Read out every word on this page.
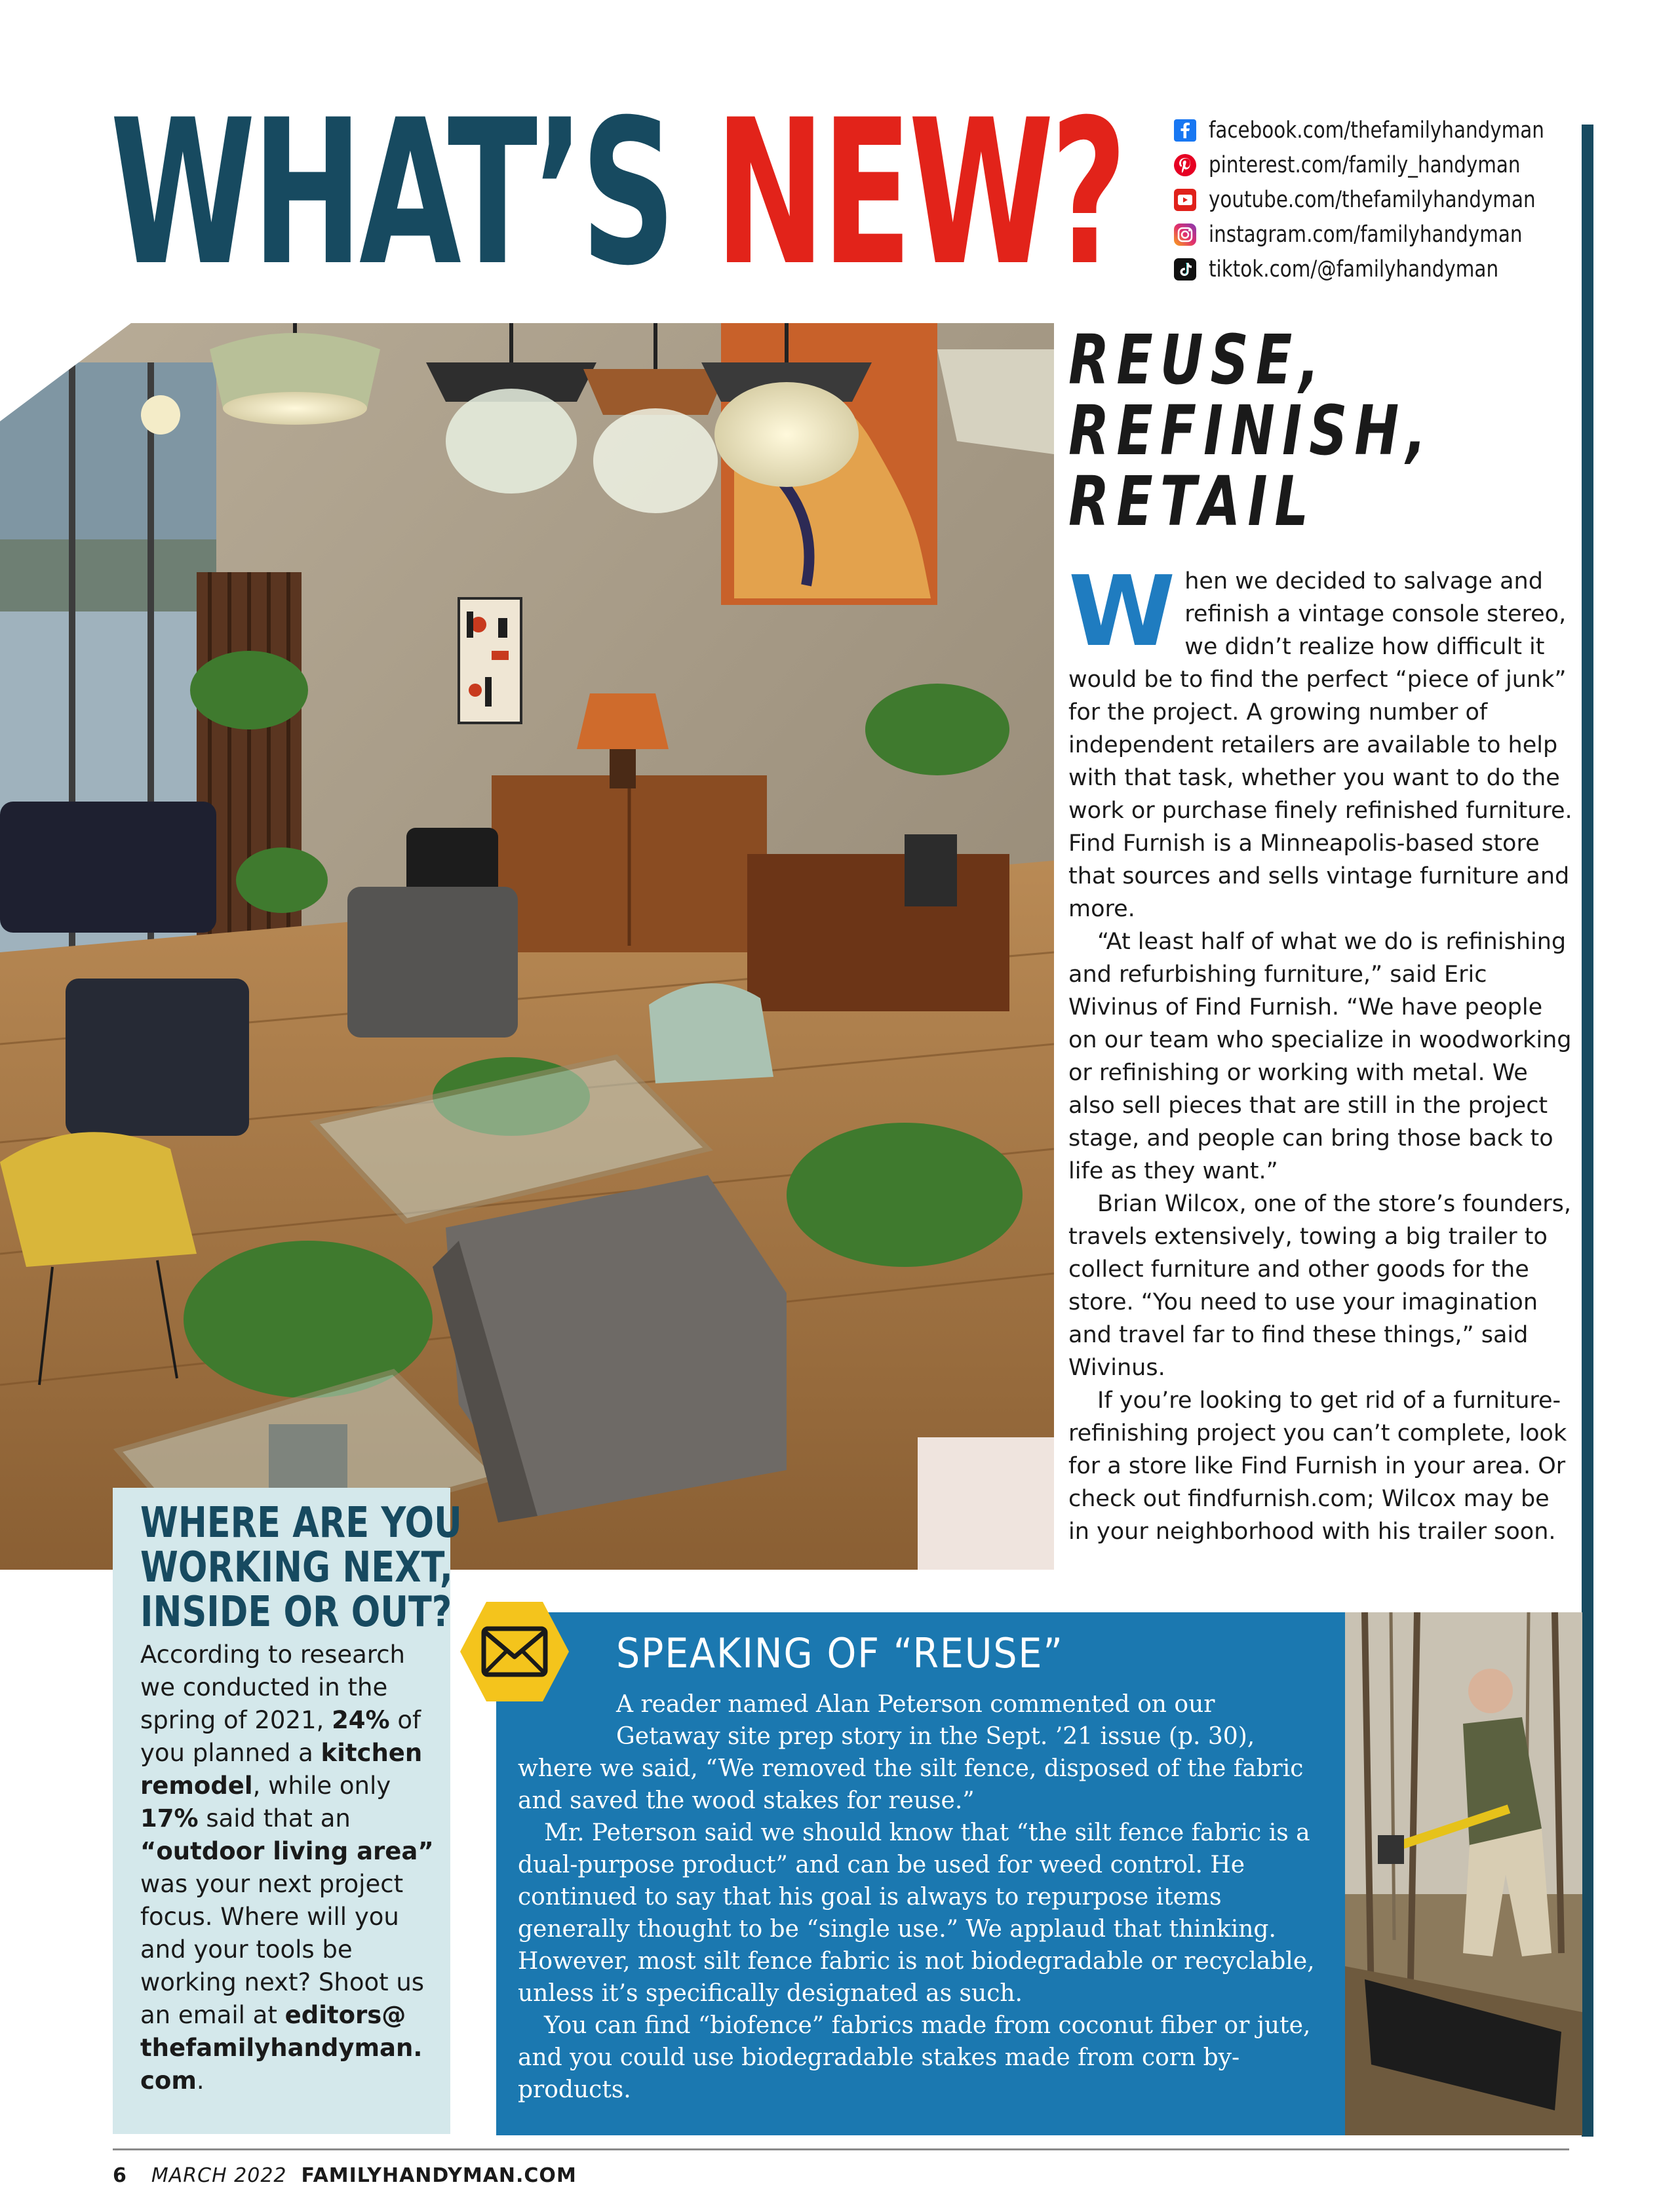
WHAT’S NEW?	facebook.com/thefamilyhandyman
pinterest.com/family_handyman
youtube.com/thefamilyhandyman
instagram.com/familyhandyman
tiktok.com/@familyhandyman
REUSE,
REFINISH,
RETAIL

When we decided to salvage and refinish a vintage console stereo, we didn’t realize how difficult it would be to find the perfect “piece of junk” for the project. A growing number of independent retailers are available to help with that task, whether you want to do the work or purchase finely refinished furniture. Find Furnish is a Minneapolis-based store that sources and sells vintage furniture and more.

“At least half of what we do is refinishing and refurbishing furniture,” said Eric Wivinus of Find Furnish. “We have people on our team who specialize in woodworking or refinishing or working with metal. We also sell pieces that are still in the project stage, and people can bring those back to life as they want.”

Brian Wilcox, one of the store’s founders, travels extensively, towing a big trailer to collect furniture and other goods for the store. “You need to use your imagination and travel far to find these things,” said Wivinus.

If you’re looking to get rid of a furniture-refinishing project you can’t complete, look for a store like Find Furnish in your area. Or check out findfurnish.com; Wilcox may be in your neighborhood with his trailer soon.

WHERE ARE YOU
WORKING NEXT,
INSIDE OR OUT?

According to research we conducted in the spring of 2021, 24% of you planned a kitchen remodel, while only 17% said that an “outdoor living area” was your next project focus. Where will you and your tools be working next? Shoot us an email at editors@ thefamilyhandyman. com.

SPEAKING OF “REUSE”

A reader named Alan Peterson commented on our

Getaway site prep story in the Sept. ’21 issue (p. 30), where we said, “We removed the silt fence, disposed of the fabric and saved the wood stakes for reuse.”

Mr. Peterson said we should know that “the silt fence fabric is a dual-purpose product” and can be used for weed control. He continued to say that his goal is always to repurpose items generally thought to be “single use.” We applaud that thinking. However, most silt fence fabric is not biodegradable or recyclable, unless it’s specifically designated as such.

You can find “biofence” fabrics made from coconut fiber or jute, and you could use biodegradable stakes made from corn by-products.

6 MARCH 2022 FAMILYHANDYMAN.COM
